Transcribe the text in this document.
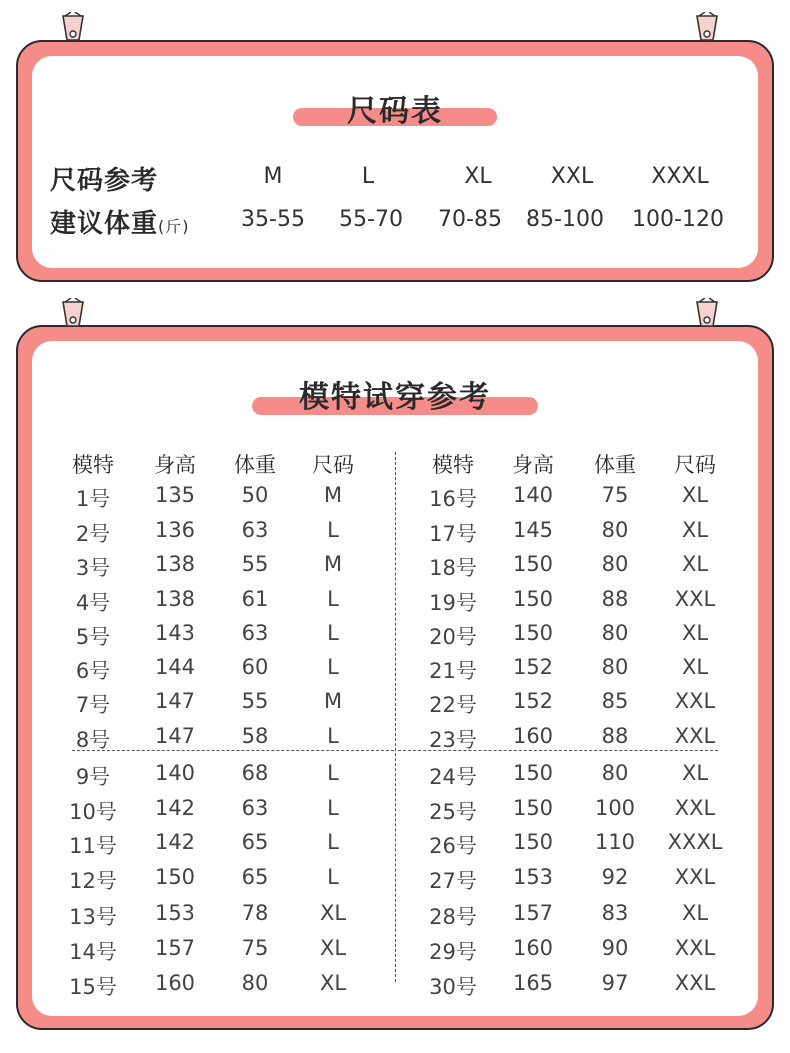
尺码表
尺码参考	M	L	XL	XXL	XXXL
建议体重(斤)	35-55	55-70	70-85	85-100	100-120
模特试穿参考
模特	身高	体重	尺码	模特	身高	体重	尺码
1号	135	50	M
2号	136	63	L
3号	138	55	M
4号	138	61	L
5号	143	63	L
6号	144	60	L
7号	147	55	M
8号	147	58	L
9号	140	68	L
10号	142	63	L
11号	142	65	L
12号	150	65	L
13号	153	78	XL
14号	157	75	XL
15号	160	80	XL
16号	140	75	XL
17号	145	80	XL
18号	150	80	XL
19号	150	88	XXL
20号	150	80	XL
21号	152	80	XL
22号	152	85	XXL
23号	160	88	XXL
24号	150	80	XL
25号	150	100	XXL
26号	150	110	XXXL
27号	153	92	XXL
28号	157	83	XL
29号	160	90	XXL
30号	165	97	XXL
